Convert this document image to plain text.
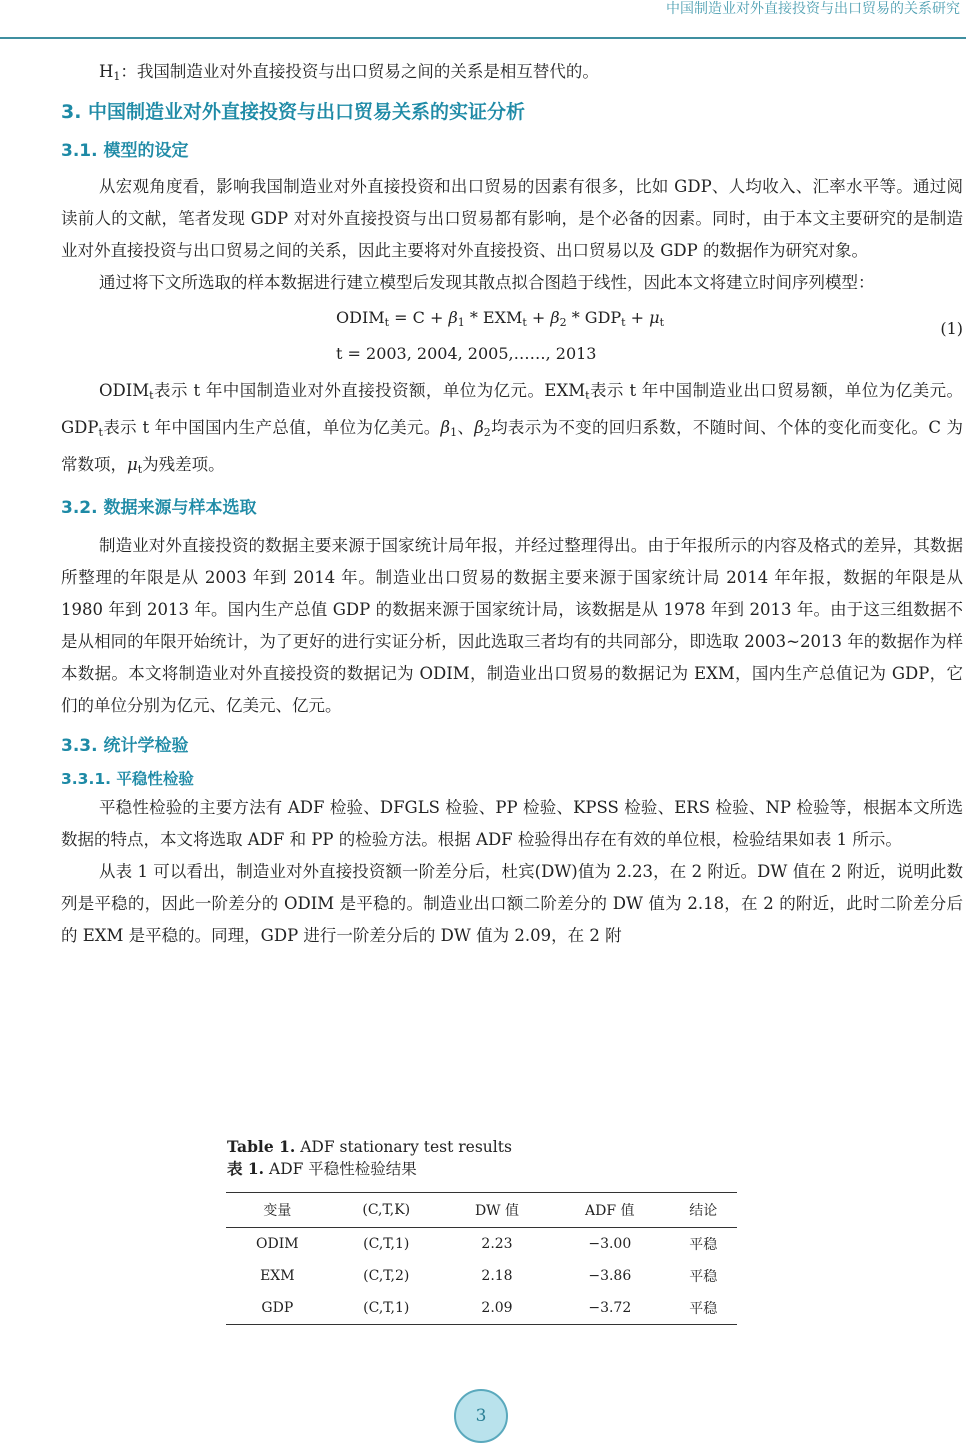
中国制造业对外直接投资与出口贸易的关系研究

$H_1$：我国制造业对外直接投资与出口贸易之间的关系是相互替代的。

3. 中国制造业对外直接投资与出口贸易关系的实证分析
3.1. 模型的设定

从宏观角度看，影响我国制造业对外直接投资和出口贸易的因素有很多，比如 GDP、人均收入、汇率水平等。通过阅读前人的文献，笔者发现 GDP 对对外直接投资与出口贸易都有影响，是个必备的因素。同时，由于本文主要研究的是制造业对外直接投资与出口贸易之间的关系，因此主要将对外直接投资、出口贸易以及 GDP 的数据作为研究对象。

通过将下文所选取的样本数据进行建立模型后发现其散点拟合图趋于线性，因此本文将建立时间序列模型：

$ODIM_t = C + \beta_1 * EXM_t + \beta_2 * GDP_t + \mu_t$
t = 2003, 2004, 2005,……, 2013
(1)

$ODIM_t$表示 t 年中国制造业对外直接投资额，单位为亿元。$EXM_t$表示 t 年中国制造业出口贸易额，单位为亿美元。$GDP_t$表示 t 年中国国内生产总值，单位为亿美元。$\beta_1$、$\beta_2$均表示为不变的回归系数，不随时间、个体的变化而变化。C 为常数项，$\mu_t$为残差项。

3.2. 数据来源与样本选取

制造业对外直接投资的数据主要来源于国家统计局年报，并经过整理得出。由于年报所示的内容及格式的差异，其数据所整理的年限是从 2003 年到 2014 年。制造业出口贸易的数据主要来源于国家统计局 2014 年年报，数据的年限是从 1980 年到 2013 年。国内生产总值 GDP 的数据来源于国家统计局，该数据是从 1978 年到 2013 年。由于这三组数据不是从相同的年限开始统计，为了更好的进行实证分析，因此选取三者均有的共同部分，即选取 2003~2013 年的数据作为样本数据。本文将制造业对外直接投资的数据记为 ODIM，制造业出口贸易的数据记为 EXM，国内生产总值记为 GDP，它们的单位分别为亿元、亿美元、亿元。

3.3. 统计学检验
3.3.1. 平稳性检验

平稳性检验的主要方法有 ADF 检验、DFGLS 检验、PP 检验、KPSS 检验、ERS 检验、NP 检验等，根据本文所选数据的特点，本文将选取 ADF 和 PP 的检验方法。根据 ADF 检验得出存在有效的单位根，检验结果如表 1 所示。

从表 1 可以看出，制造业对外直接投资额一阶差分后，杜宾(DW)值为 2.23，在 2 附近。DW 值在 2 附近，说明此数列是平稳的，因此一阶差分的 ODIM 是平稳的。制造业出口额二阶差分的 DW 值为 2.18，在 2 的附近，此时二阶差分后的 EXM 是平稳的。同理，GDP 进行一阶差分后的 DW 值为 2.09，在 2 附

Table 1. ADF stationary test results
表 1. ADF 平稳性检验结果
变量	(C,T,K)	DW 值	ADF 值	结论
ODIM	(C,T,1)	2.23	−3.00	平稳
EXM	(C,T,2)	2.18	−3.86	平稳
GDP	(C,T,1)	2.09	−3.72	平稳
3
